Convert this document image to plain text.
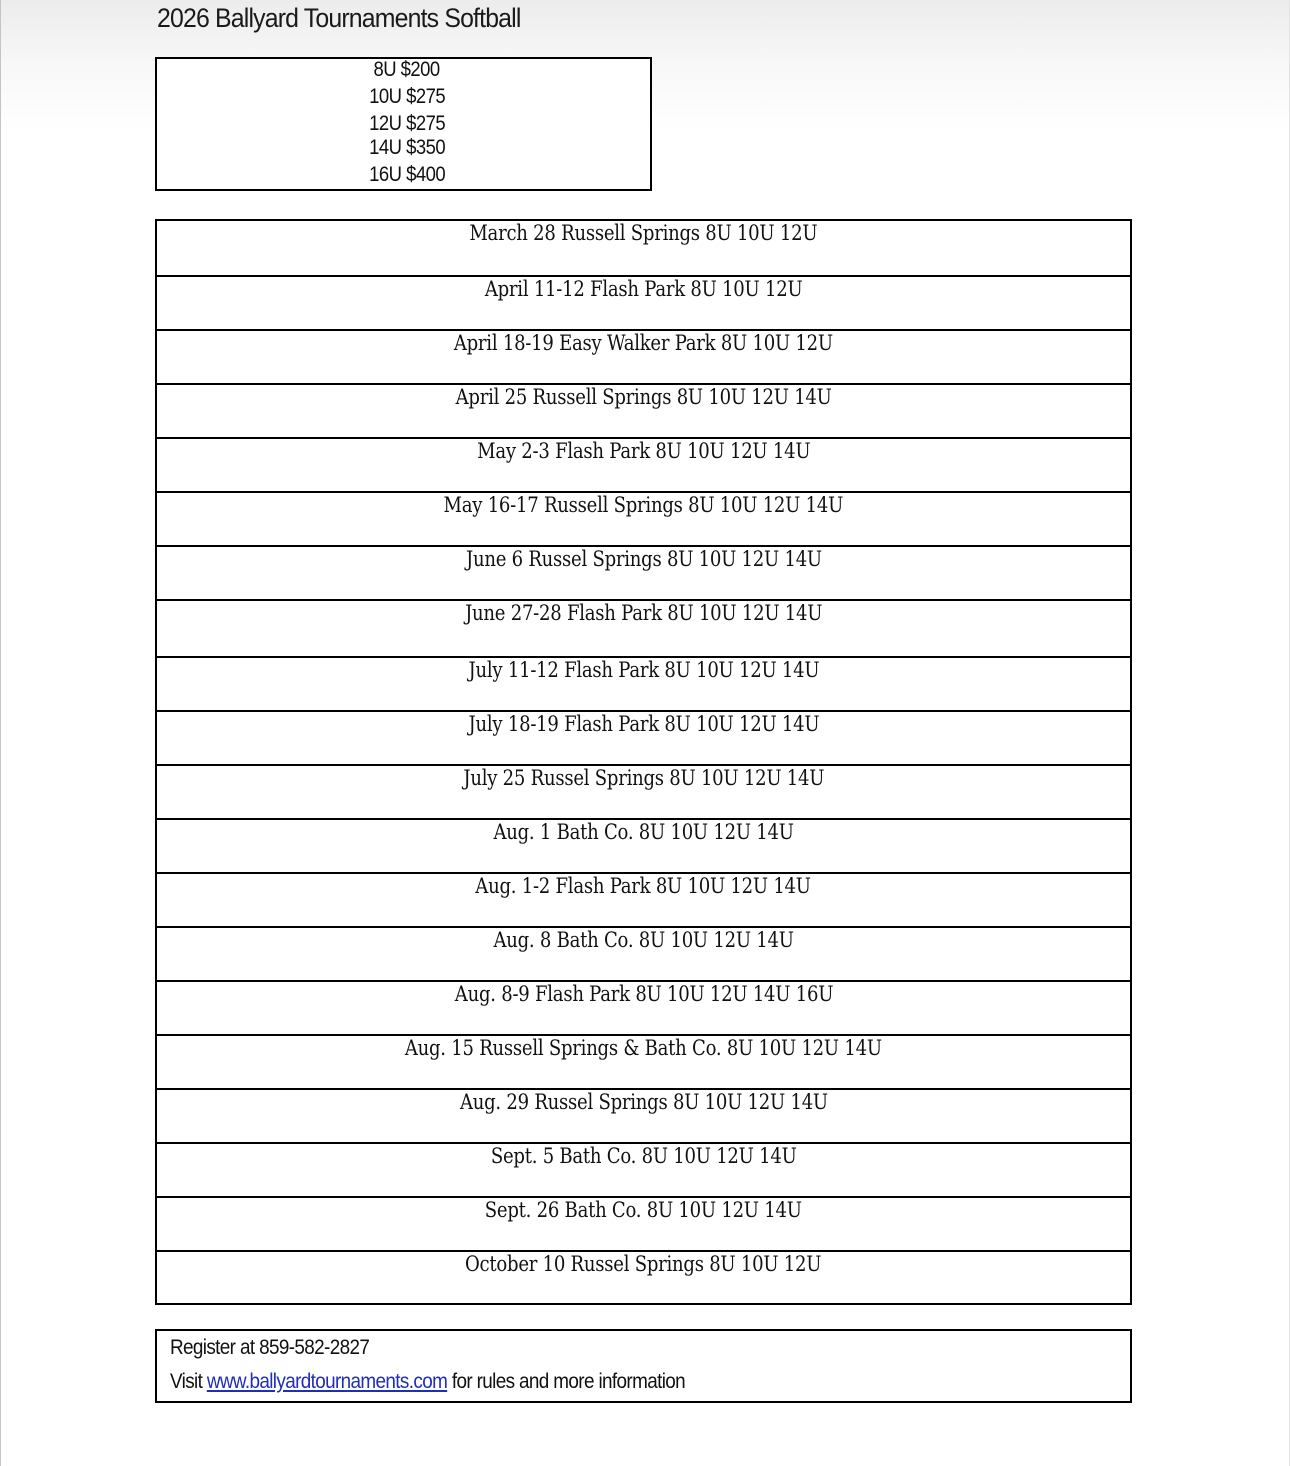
2026 Ballyard Tournaments Softball
8U $200
10U $275
12U $275
14U $350
16U $400
March 28 Russell Springs 8U 10U 12U
April 11-12 Flash Park 8U 10U 12U
April 18-19 Easy Walker Park 8U 10U 12U
April 25 Russell Springs 8U 10U 12U 14U
May 2-3 Flash Park 8U 10U 12U 14U
May 16-17 Russell Springs 8U 10U 12U 14U
June 6 Russel Springs 8U 10U 12U 14U
June 27-28 Flash Park 8U 10U 12U 14U
July 11-12 Flash Park 8U 10U 12U 14U
July 18-19 Flash Park 8U 10U 12U 14U
July 25 Russel Springs 8U 10U 12U 14U
Aug. 1 Bath Co. 8U 10U 12U 14U
Aug. 1-2 Flash Park 8U 10U 12U 14U
Aug. 8 Bath Co. 8U 10U 12U 14U
Aug. 8-9 Flash Park 8U 10U 12U 14U 16U
Aug. 15 Russell Springs & Bath Co. 8U 10U 12U 14U
Aug. 29 Russel Springs 8U 10U 12U 14U
Sept. 5 Bath Co. 8U 10U 12U 14U
Sept. 26 Bath Co. 8U 10U 12U 14U
October 10 Russel Springs 8U 10U 12U
Register at 859-582-2827
Visit www.ballyardtournaments.com for rules and more information
